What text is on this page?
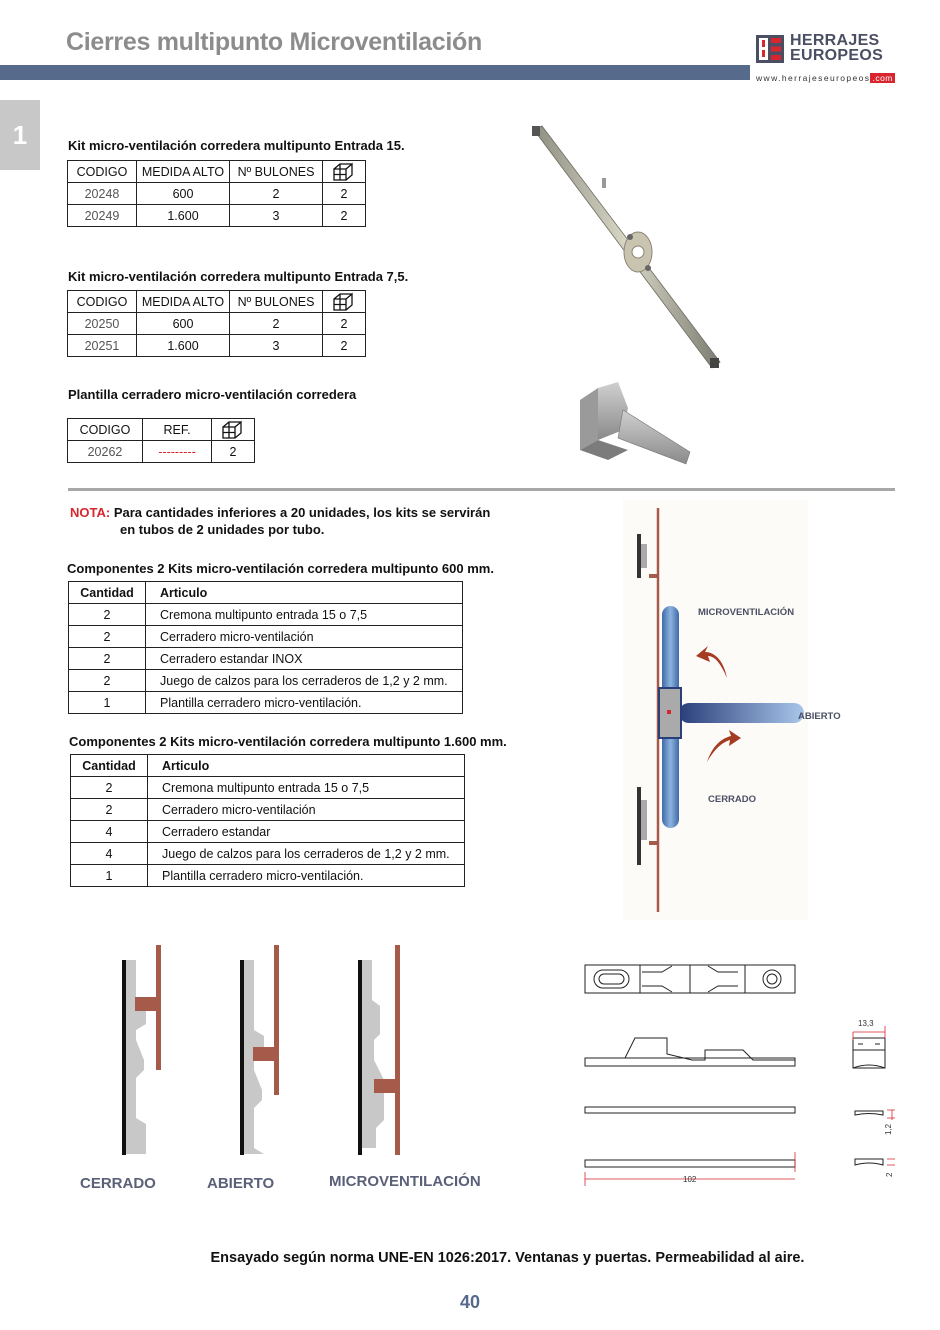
Cierres multipunto Microventilación	HERRAJES
EUROPEOS
www.herrajeseuropeos .com
1	Kit micro-ventilación corredera multipunto Entrada 15.
CODIGO	MEDIDA ALTO	Nº BULONES	
20248	600	2	2
20249	1.600	3	2
Kit micro-ventilación corredera multipunto Entrada 7,5.
CODIGO	MEDIDA ALTO	Nº BULONES	
20250	600	2	2
20251	1.600	3	2
Plantilla cerradero micro-ventilación corredera
CODIGO	REF.	
20262	---------	2
NOTA: Para cantidades inferiores a 20 unidades, los kits se servirán
en tubos de 2 unidades por tubo.
Componentes 2 Kits micro-ventilación corredera multipunto 600 mm.
Cantidad	Articulo
2	Cremona multipunto entrada 15 o 7,5
2	Cerradero micro-ventilación
2	Cerradero estandar INOX
2	Juego de calzos para los cerraderos de 1,2 y 2 mm.
1	Plantilla cerradero micro-ventilación.
Componentes 2 Kits micro-ventilación corredera multipunto 1.600 mm.
Cantidad	Articulo
2	Cremona multipunto entrada 15 o 7,5
2	Cerradero micro-ventilación
4	Cerradero estandar
4	Juego de calzos para los cerraderos de 1,2 y 2 mm.
1	Plantilla cerradero micro-ventilación.
MICROVENTILACIÓN
ABIERTO
CERRADO
CERRADO	ABIERTO	MICROVENTILACIÓN
13,3
1,2
2
102
Ensayado según norma UNE-EN 1026:2017. Ventanas y puertas. Permeabilidad al aire.
40
